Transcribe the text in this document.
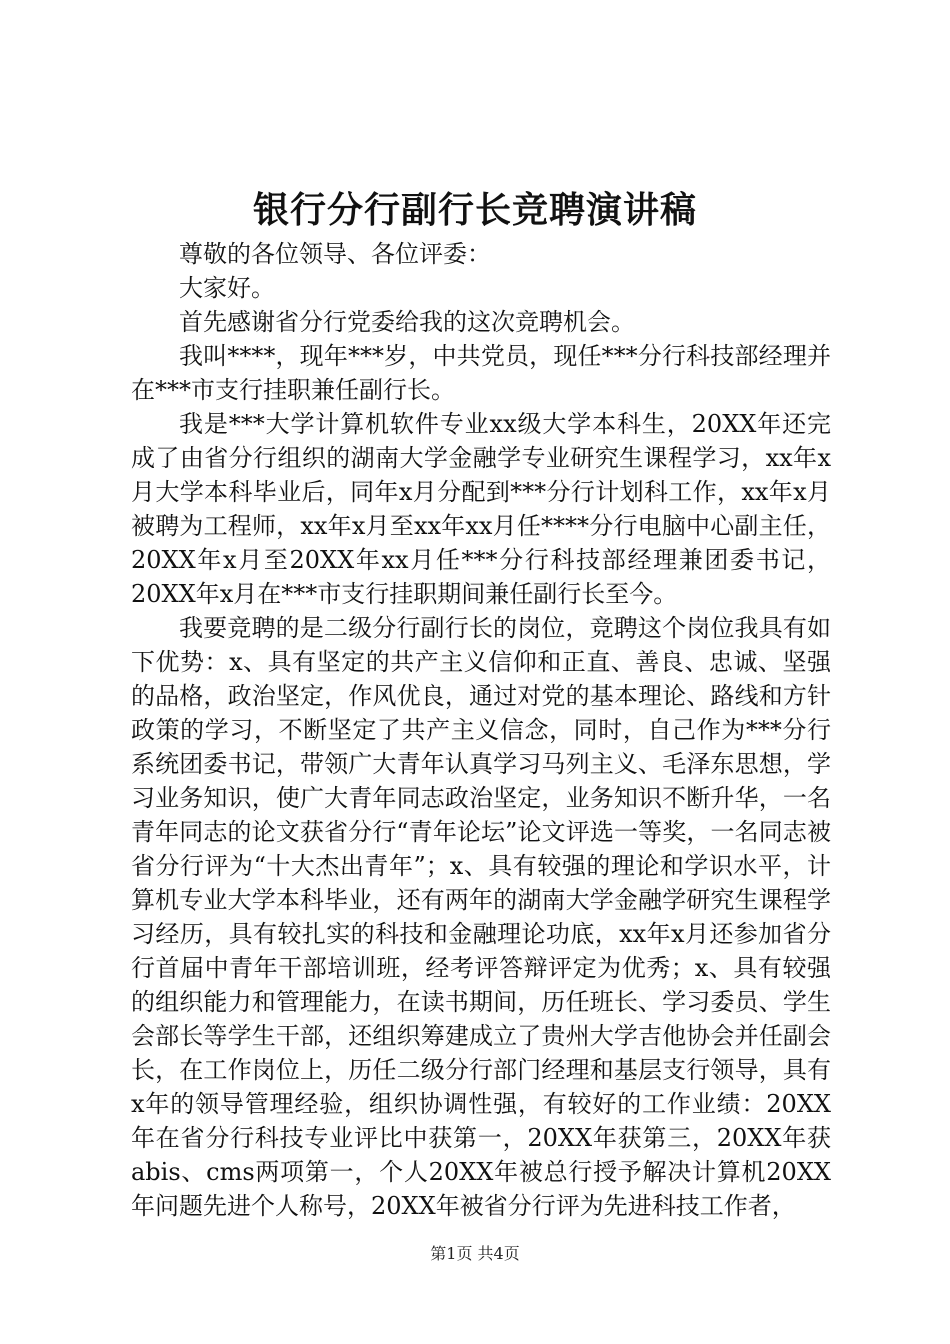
银行分行副行长竞聘演讲稿

尊敬的各位领导、各位评委：

大家好。

首先感谢省分行党委给我的这次竞聘机会。

我叫****，现年***岁，中共党员，现任***分行科技部经理并在***市支行挂职兼任副行长。

我是***大学计算机软件专业xx级大学本科生，20XX年还完成了由省分行组织的湖南大学金融学专业研究生课程学习，xx年x月大学本科毕业后，同年x月分配到***分行计划科工作，xx年x月被聘为工程师，xx年x月至xx年xx月任****分行电脑中心副主任，20XX年x月至20XX年xx月任***分行科技部经理兼团委书记，20XX年x月在***市支行挂职期间兼任副行长至今。

我要竞聘的是二级分行副行长的岗位，竞聘这个岗位我具有如下优势：x、具有坚定的共产主义信仰和正直、善良、忠诚、坚强的品格，政治坚定，作风优良，通过对党的基本理论、路线和方针政策的学习，不断坚定了共产主义信念，同时，自己作为***分行系统团委书记，带领广大青年认真学习马列主义、毛泽东思想，学习业务知识，使广大青年同志政治坚定，业务知识不断升华，一名青年同志的论文获省分行“青年论坛”论文评选一等奖，一名同志被省分行评为“十大杰出青年”；x、具有较强的理论和学识水平，计算机专业大学本科毕业，还有两年的湖南大学金融学研究生课程学习经历，具有较扎实的科技和金融理论功底，xx年x月还参加省分行首届中青年干部培训班，经考评答辩评定为优秀；x、具有较强的组织能力和管理能力，在读书期间，历任班长、学习委员、学生会部长等学生干部，还组织筹建成立了贵州大学吉他协会并任副会长，在工作岗位上，历任二级分行部门经理和基层支行领导，具有x年的领导管理经验，组织协调性强，有较好的工作业绩：20XX年在省分行科技专业评比中获第一，20XX年获第三，20XX年获abis、cms两项第一，个人20XX年被总行授予解决计算机20XX年问题先进个人称号，20XX年被省分行评为先进科技工作者，

第1页 共4页
